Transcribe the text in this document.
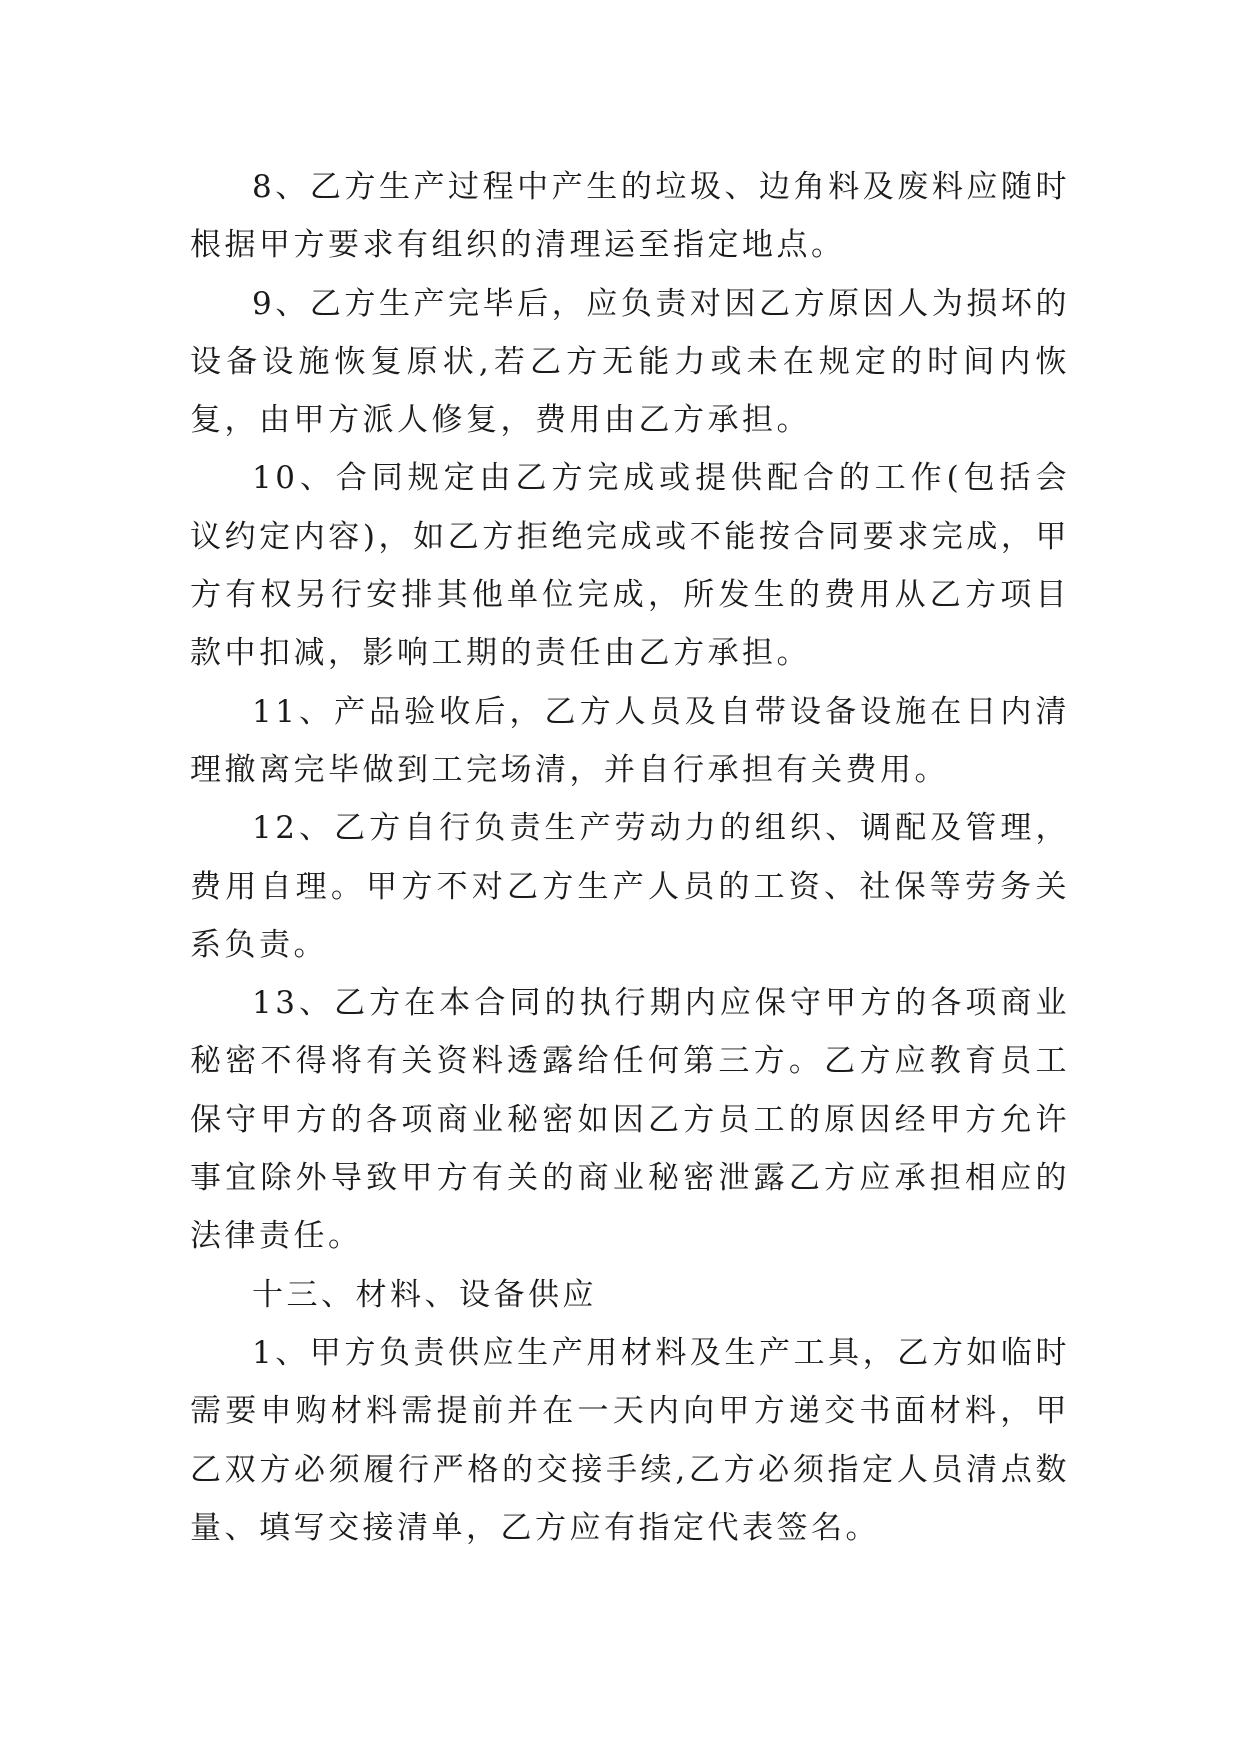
8、乙方生产过程中产生的垃圾、边角料及废料应随时根据甲方要求有组织的清理运至指定地点。

9、乙方生产完毕后，应负责对因乙方原因人为损坏的设备设施恢复原状,若乙方无能力或未在规定的时间内恢复，由甲方派人修复，费用由乙方承担。

10、合同规定由乙方完成或提供配合的工作(包括会议约定内容)，如乙方拒绝完成或不能按合同要求完成，甲方有权另行安排其他单位完成，所发生的费用从乙方项目款中扣减，影响工期的责任由乙方承担。

11、产品验收后，乙方人员及自带设备设施在日内清理撤离完毕做到工完场清，并自行承担有关费用。

12、乙方自行负责生产劳动力的组织、调配及管理，费用自理。甲方不对乙方生产人员的工资、社保等劳务关系负责。

13、乙方在本合同的执行期内应保守甲方的各项商业秘密不得将有关资料透露给任何第三方。乙方应教育员工保守甲方的各项商业秘密如因乙方员工的原因经甲方允许事宜除外导致甲方有关的商业秘密泄露乙方应承担相应的法律责任。

十三、材料、设备供应

1、甲方负责供应生产用材料及生产工具，乙方如临时需要申购材料需提前并在一天内向甲方递交书面材料，甲乙双方必须履行严格的交接手续,乙方必须指定人员清点数量、填写交接清单，乙方应有指定代表签名。
